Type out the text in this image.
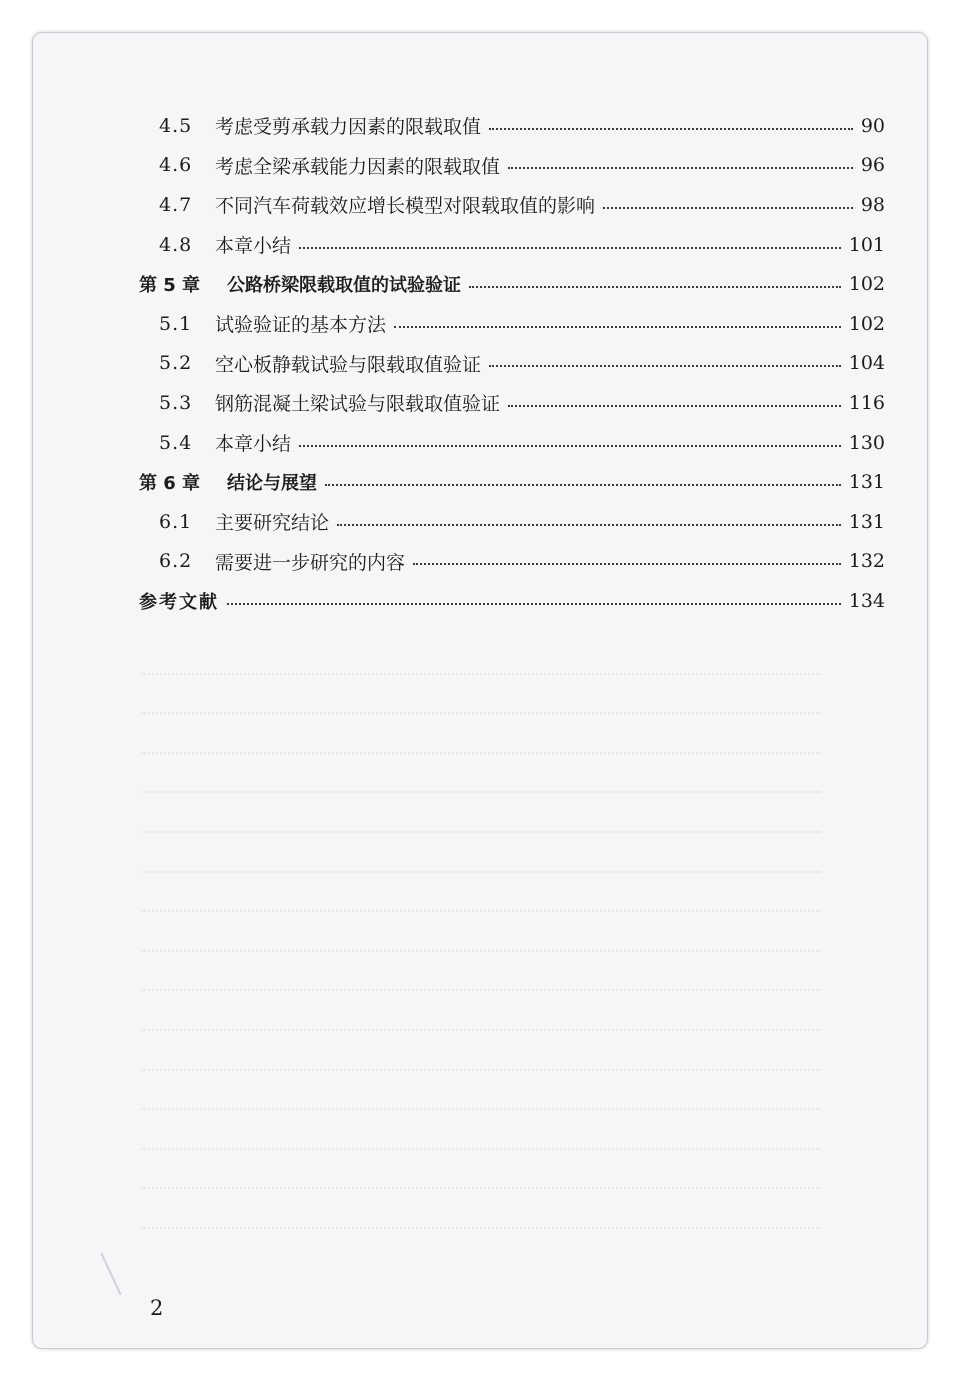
4.5	考虑受剪承载力因素的限载取值	90
4.6	考虑全梁承载能力因素的限载取值	96
4.7	不同汽车荷载效应增长模型对限载取值的影响	98
4.8	本章小结	101
第 5 章	公路桥梁限载取值的试验验证	102
5.1	试验验证的基本方法	102
5.2	空心板静载试验与限载取值验证	104
5.3	钢筋混凝土梁试验与限载取值验证	116
5.4	本章小结	130
第 6 章	结论与展望	131
6.1	主要研究结论	131
6.2	需要进一步研究的内容	132
参考文献	134
2
